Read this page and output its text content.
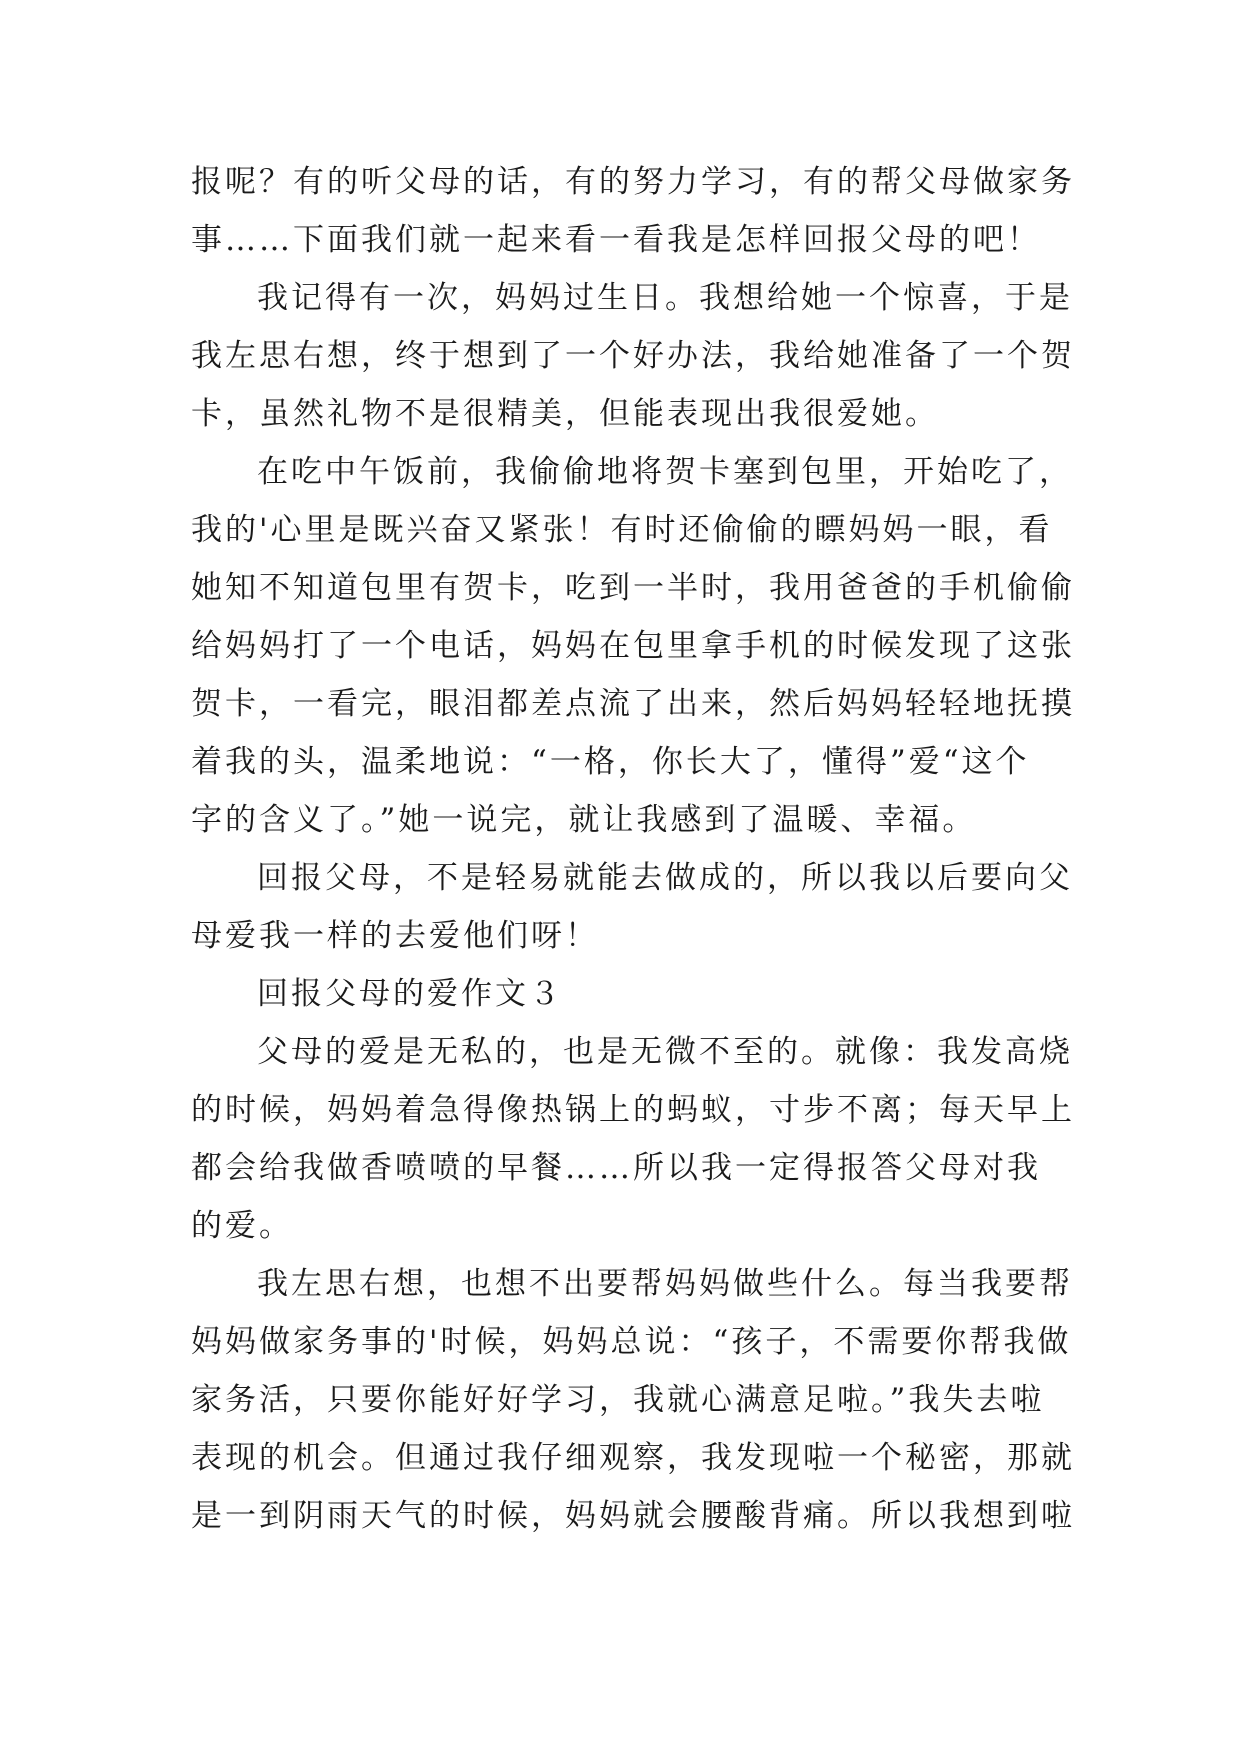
报呢？有的听父母的话，有的努力学习，有的帮父母做家务

事……下面我们就一起来看一看我是怎样回报父母的吧！

我记得有一次，妈妈过生日。我想给她一个惊喜，于是

我左思右想，终于想到了一个好办法，我给她准备了一个贺

卡，虽然礼物不是很精美，但能表现出我很爱她。

在吃中午饭前，我偷偷地将贺卡塞到包里，开始吃了，

我的'心里是既兴奋又紧张！有时还偷偷的瞟妈妈一眼，看

她知不知道包里有贺卡，吃到一半时，我用爸爸的手机偷偷

给妈妈打了一个电话，妈妈在包里拿手机的时候发现了这张

贺卡，一看完，眼泪都差点流了出来，然后妈妈轻轻地抚摸

着我的头，温柔地说：“一格，你长大了，懂得”爱“这个

字的含义了。”她一说完，就让我感到了温暖、幸福。

回报父母，不是轻易就能去做成的，所以我以后要向父

母爱我一样的去爱他们呀！

回报父母的爱作文３

父母的爱是无私的，也是无微不至的。就像：我发高烧

的时候，妈妈着急得像热锅上的蚂蚁，寸步不离；每天早上

都会给我做香喷喷的早餐……所以我一定得报答父母对我

的爱。

我左思右想，也想不出要帮妈妈做些什么。每当我要帮

妈妈做家务事的'时候，妈妈总说：“孩子，不需要你帮我做

家务活，只要你能好好学习，我就心满意足啦。”我失去啦

表现的机会。但通过我仔细观察，我发现啦一个秘密，那就

是一到阴雨天气的时候，妈妈就会腰酸背痛。所以我想到啦
